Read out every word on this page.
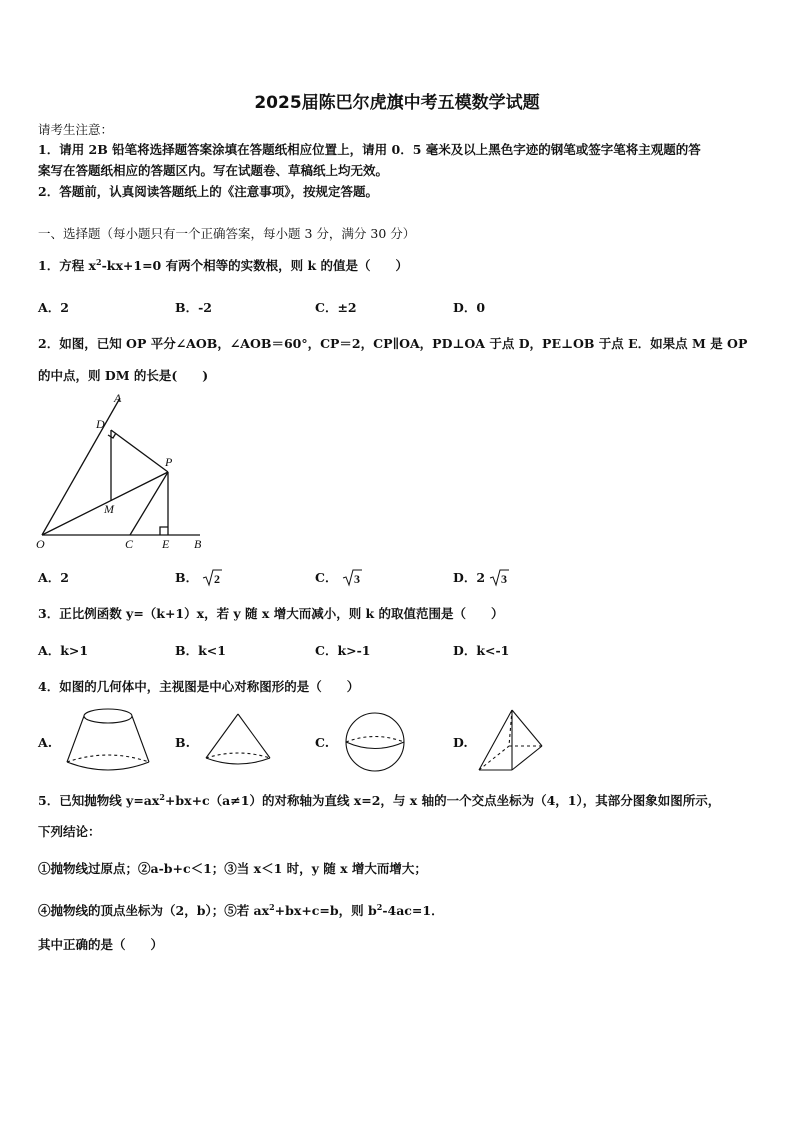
2025届陈巴尔虎旗中考五模数学试题
请考生注意：
1．请用 2B 铅笔将选择题答案涂填在答题纸相应位置上，请用 0．5 毫米及以上黑色字迹的钢笔或签字笔将主观题的答
案写在答题纸相应的答题区内。写在试题卷、草稿纸上均无效。
2．答题前，认真阅读答题纸上的《注意事项》，按规定答题。
一、选择题（每小题只有一个正确答案，每小题 3 分，满分 30 分）
1．方程 $x^2-kx+1=0$ 有两个相等的实数根，则 k 的值是（　　）
A．2	B．-2	C．±2	D．0
2．如图，已知 OP 平分∠AOB，∠AOB＝60°，CP＝2，CP∥OA，PD⊥OA 于点 D，PE⊥OB 于点 E．如果点 M 是 OP
的中点，则 DM 的长是(　　)
A
D
P
M
O	C E B
A．2	B． 2	C． 3	D．2 3
3．正比例函数 y=（k+1）x，若 y 随 x 增大而减小，则 k 的取值范围是（　　）
A．k>1	B．k<1	C．k>-1	D．k<-1
4．如图的几何体中，主视图是中心对称图形的是（　　）
A.	B.	C.	D.
5．已知抛物线 $y=ax^2+bx+c(a\ne 1)$的对称轴为直线 x=2，与 x 轴的一个交点坐标为（4，1），其部分图象如图所示，
下列结论：
①抛物线过原点；②a-b+c＜1；③当 x＜1 时，y 随 x 增大而增大；
④抛物线的顶点坐标为（2，b）；⑤若 $ax^2+bx+c=b$，则 $b^2-4ac=1$．
其中正确的是（　　）
